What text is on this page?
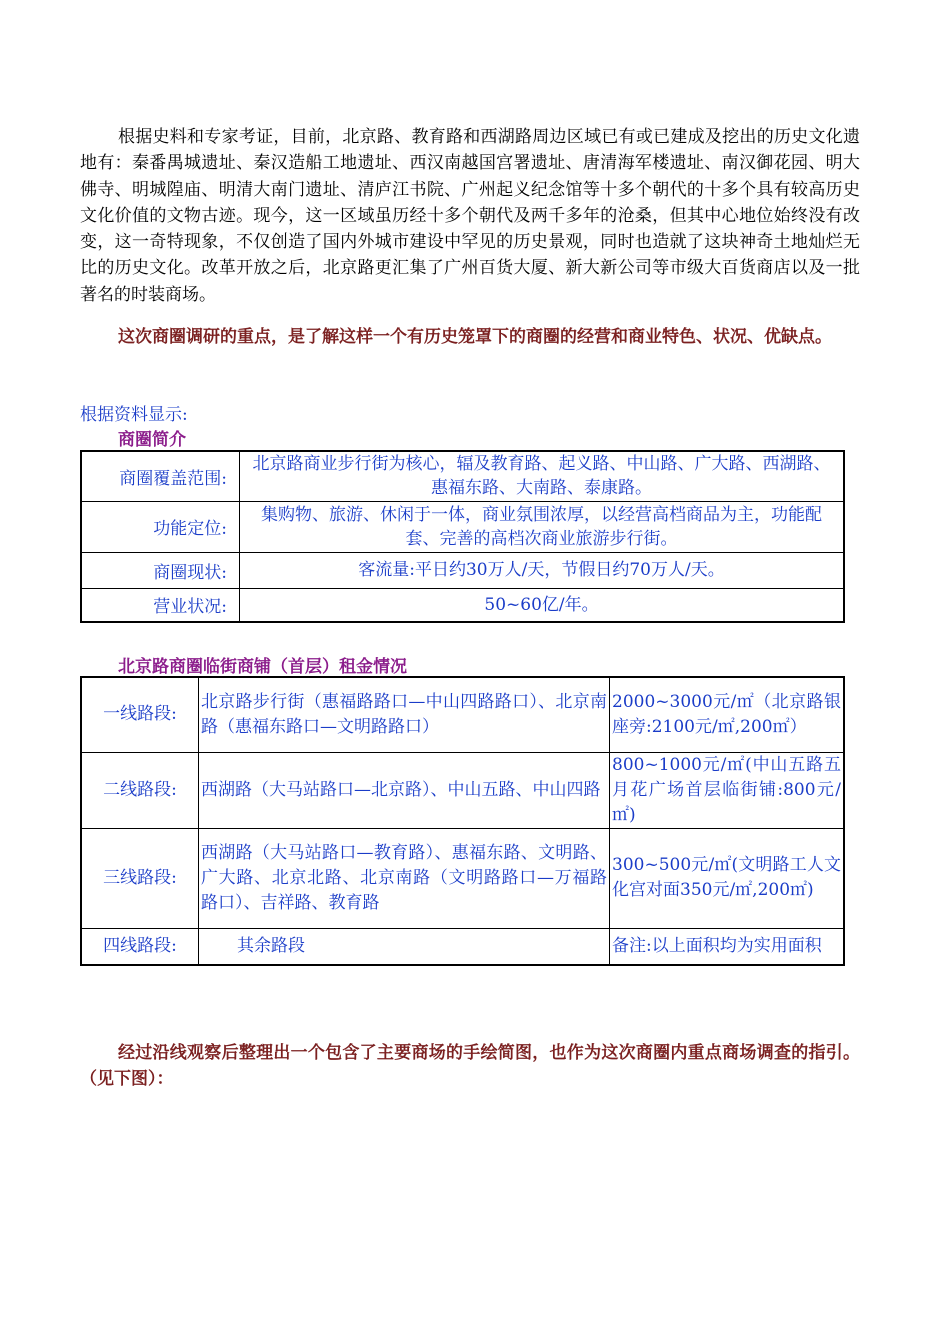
根据史料和专家考证，目前，北京路、教育路和西湖路周边区域已有或已建成及挖出的历史文化遗地有：秦番禺城遗址、秦汉造船工地遗址、西汉南越国宫署遗址、唐清海军楼遗址、南汉御花园、明大佛寺、明城隍庙、明清大南门遗址、清庐江书院、广州起义纪念馆等十多个朝代的十多个具有较高历史文化价值的文物古迹。现今，这一区域虽历经十多个朝代及两千多年的沧桑，但其中心地位始终没有改变，这一奇特现象，不仅创造了国内外城市建设中罕见的历史景观，同时也造就了这块神奇土地灿烂无比的历史文化。改革开放之后，北京路更汇集了广州百货大厦、新大新公司等市级大百货商店以及一批著名的时装商场。

这次商圈调研的重点，是了解这样一个有历史笼罩下的商圈的经营和商业特色、状况、优缺点。

根据资料显示:

商圈简介

商圈覆盖范围:	北京路商业步行街为核心，辐及教育路、起义路、中山路、广大路、西湖路、惠福东路、大南路、泰康路。
功能定位:	集购物、旅游、休闲于一体，商业氛围浓厚，以经营高档商品为主，功能配套、完善的高档次商业旅游步行街。
商圈现状:	客流量:平日约30万人/天，节假日约70万人/天。
营业状况:	50~60亿/年。

北京路商圈临街商铺（首层）租金情况

一线路段:	北京路步行街（惠福路路口—中山四路路口）、北京南路（惠福东路口—文明路路口）	2000~3000元/㎡（北京路银座旁:2100元/㎡,200㎡）
二线路段:	西湖路（大马站路口—北京路）、中山五路、中山四路	800~1000元/㎡(中山五路五月花广场首层临街铺:800元/㎡)
三线路段:	西湖路（大马站路口—教育路）、惠福东路、文明路、广大路、北京北路、北京南路（文明路路口—万福路路口）、吉祥路、教育路	300~500元/㎡(文明路工人文化宫对面350元/㎡,200㎡)
四线路段:	其余路段	备注:以上面积均为实用面积

经过沿线观察后整理出一个包含了主要商场的手绘简图，也作为这次商圈内重点商场调查的指引。（见下图）：
